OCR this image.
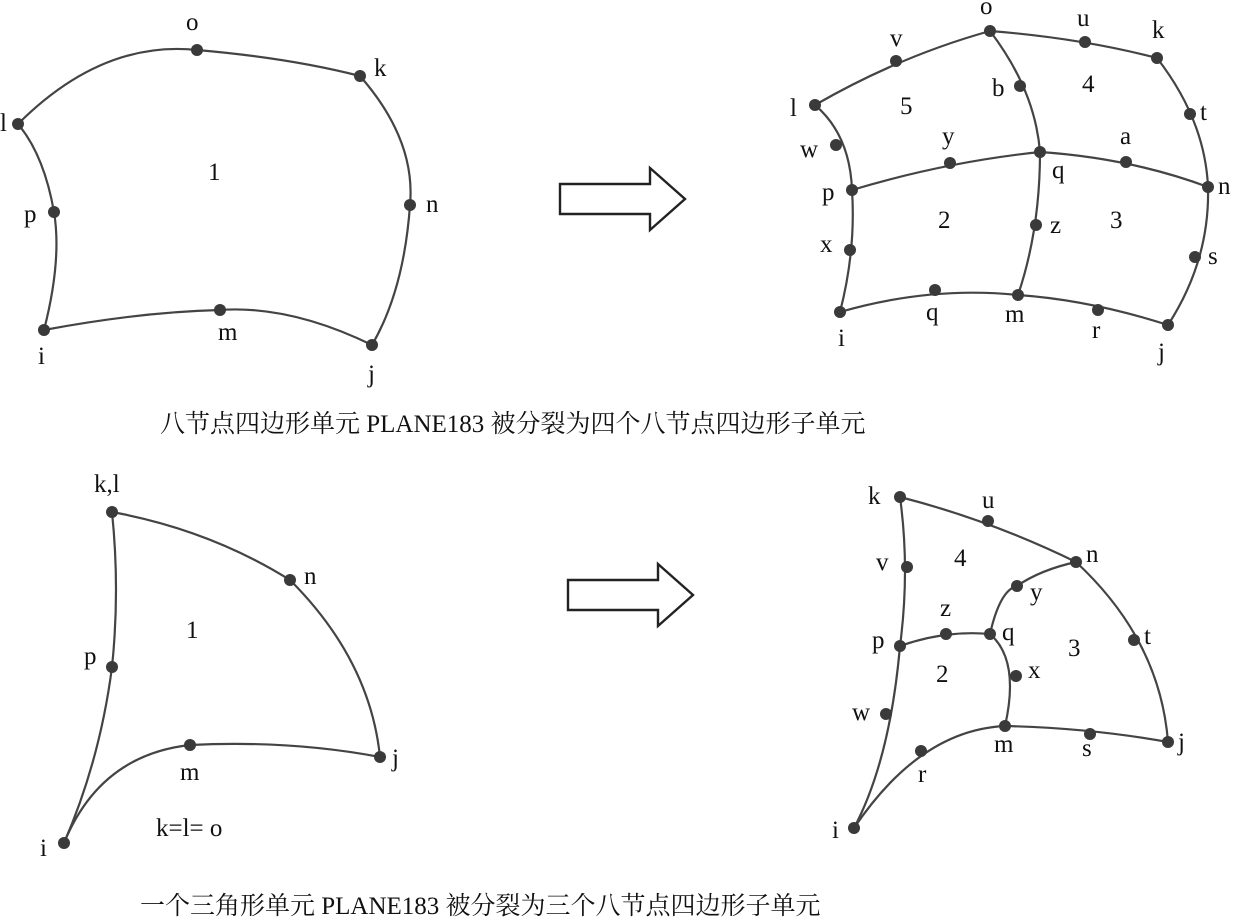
l
o
k
n
j
m
i
p
1
v
o	u	k
l
b
t
w	y	a
q
p	n
z
x	s
i
q	m
r
j
5
4
2	3
八节点四边形单元 PLANE183 被分裂为四个八节点四边形子单元
k,l
n
p
j
m
i
1
k=l= o
k	u
v	n
y
z
q
p	t
x
w
m	s	j
r
i
4
3
2
一个三角形单元 PLANE183 被分裂为三个八节点四边形子单元
